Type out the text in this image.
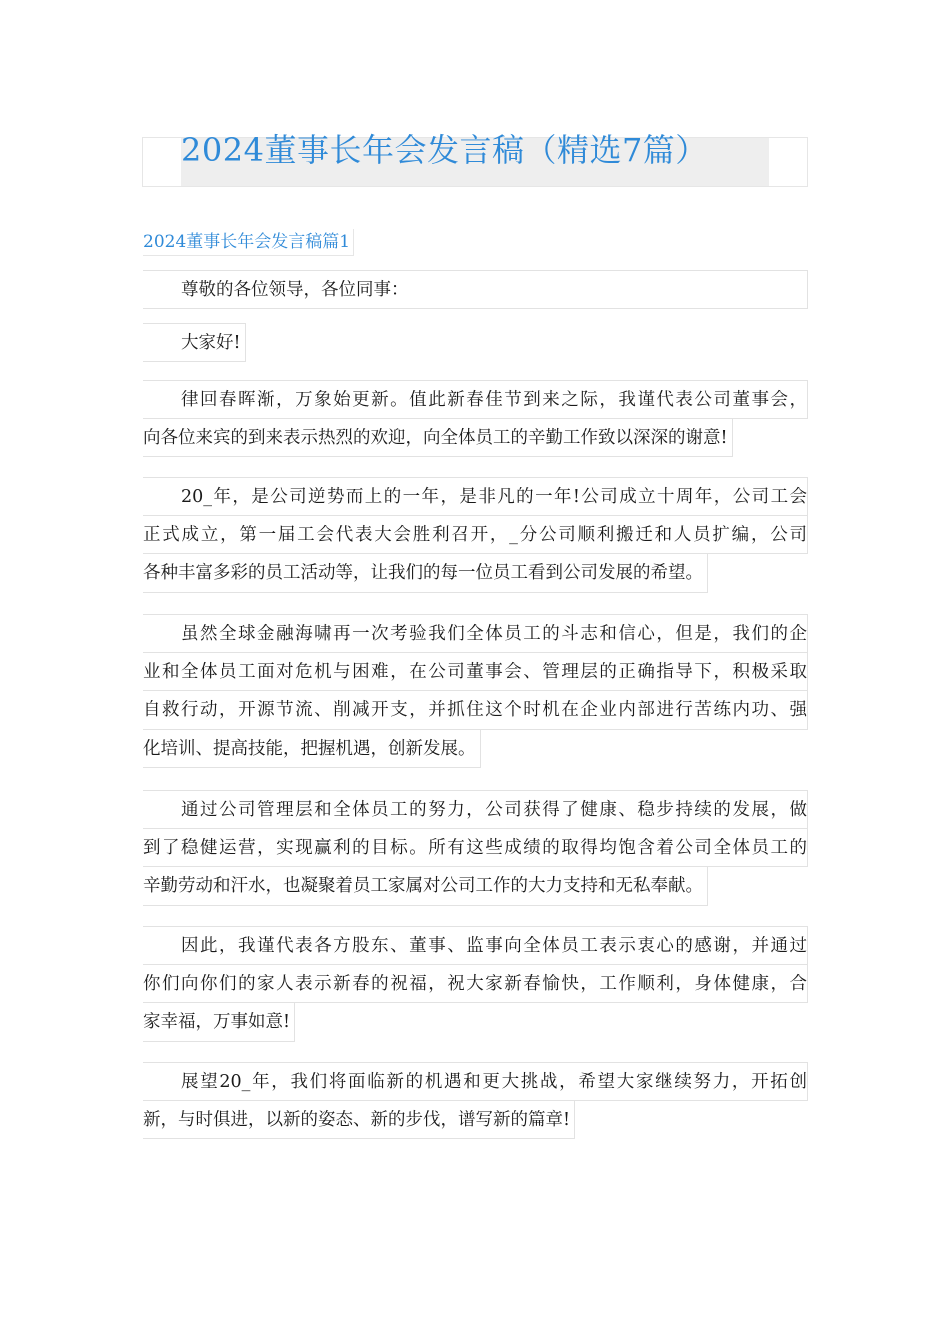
2024董事长年会发言稿（精选7篇）
2024董事长年会发言稿篇1
尊敬的各位领导，各位同事：
大家好!
律回春晖渐，万象始更新。值此新春佳节到来之际，我谨代表公司董事会，
向各位来宾的到来表示热烈的欢迎，向全体员工的辛勤工作致以深深的谢意!
20_年，是公司逆势而上的一年，是非凡的一年!公司成立十周年，公司工会
正式成立，第一届工会代表大会胜利召开，_分公司顺利搬迁和人员扩编，公司
各种丰富多彩的员工活动等，让我们的每一位员工看到公司发展的希望。
虽然全球金融海啸再一次考验我们全体员工的斗志和信心，但是，我们的企
业和全体员工面对危机与困难，在公司董事会、管理层的正确指导下，积极采取
自救行动，开源节流、削减开支，并抓住这个时机在企业内部进行苦练内功、强
化培训、提高技能，把握机遇，创新发展。
通过公司管理层和全体员工的努力，公司获得了健康、稳步持续的发展，做
到了稳健运营，实现赢利的目标。所有这些成绩的取得均饱含着公司全体员工的
辛勤劳动和汗水，也凝聚着员工家属对公司工作的大力支持和无私奉献。
因此，我谨代表各方股东、董事、监事向全体员工表示衷心的感谢，并通过
你们向你们的家人表示新春的祝福，祝大家新春愉快，工作顺利，身体健康，合
家幸福，万事如意!
展望20_年，我们将面临新的机遇和更大挑战，希望大家继续努力，开拓创
新，与时俱进，以新的姿态、新的步伐，谱写新的篇章!
